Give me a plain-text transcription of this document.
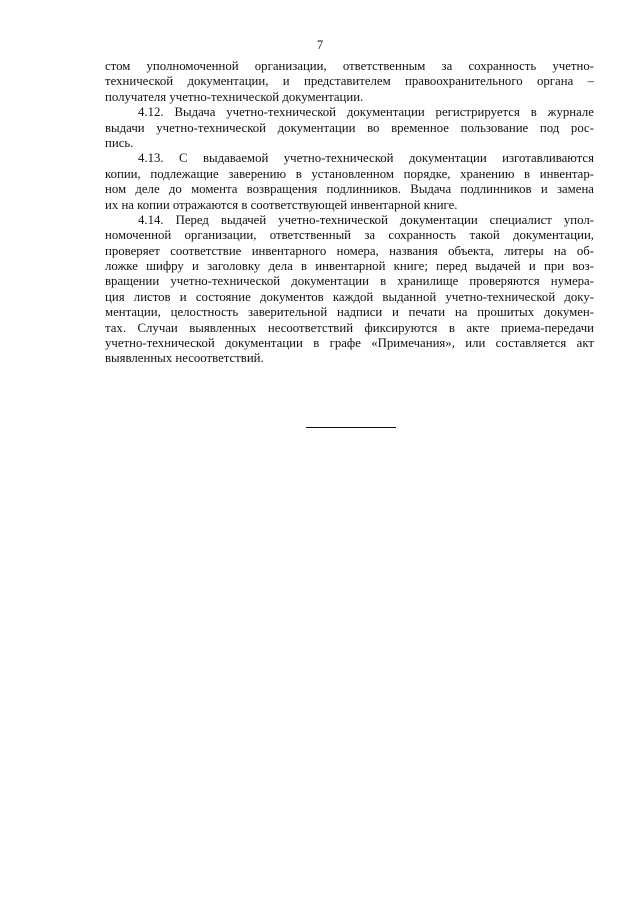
7
стом уполномоченной организации, ответственным за сохранность учетно-
технической документации, и представителем правоохранительного органа –
получателя учетно-технической документации.
4.12. Выдача учетно-технической документации регистрируется в журнале
выдачи учетно-технической документации во временное пользование под рос-
пись.
4.13. С выдаваемой учетно-технической документации изготавливаются
копии, подлежащие заверению в установленном порядке, хранению в инвентар-
ном деле до момента возвращения подлинников. Выдача подлинников и замена
их на копии отражаются в соответствующей инвентарной книге.
4.14. Перед выдачей учетно-технической документации специалист упол-
номоченной организации, ответственный за сохранность такой документации,
проверяет соответствие инвентарного номера, названия объекта, литеры на об-
ложке шифру и заголовку дела в инвентарной книге; перед выдачей и при воз-
вращении учетно-технической документации в хранилище проверяются нумера-
ция листов и состояние документов каждой выданной учетно-технической доку-
ментации, целостность заверительной надписи и печати на прошитых докумен-
тах. Случаи выявленных несоответствий фиксируются в акте приема-передачи
учетно-технической документации в графе «Примечания», или составляется акт
выявленных несоответствий.
